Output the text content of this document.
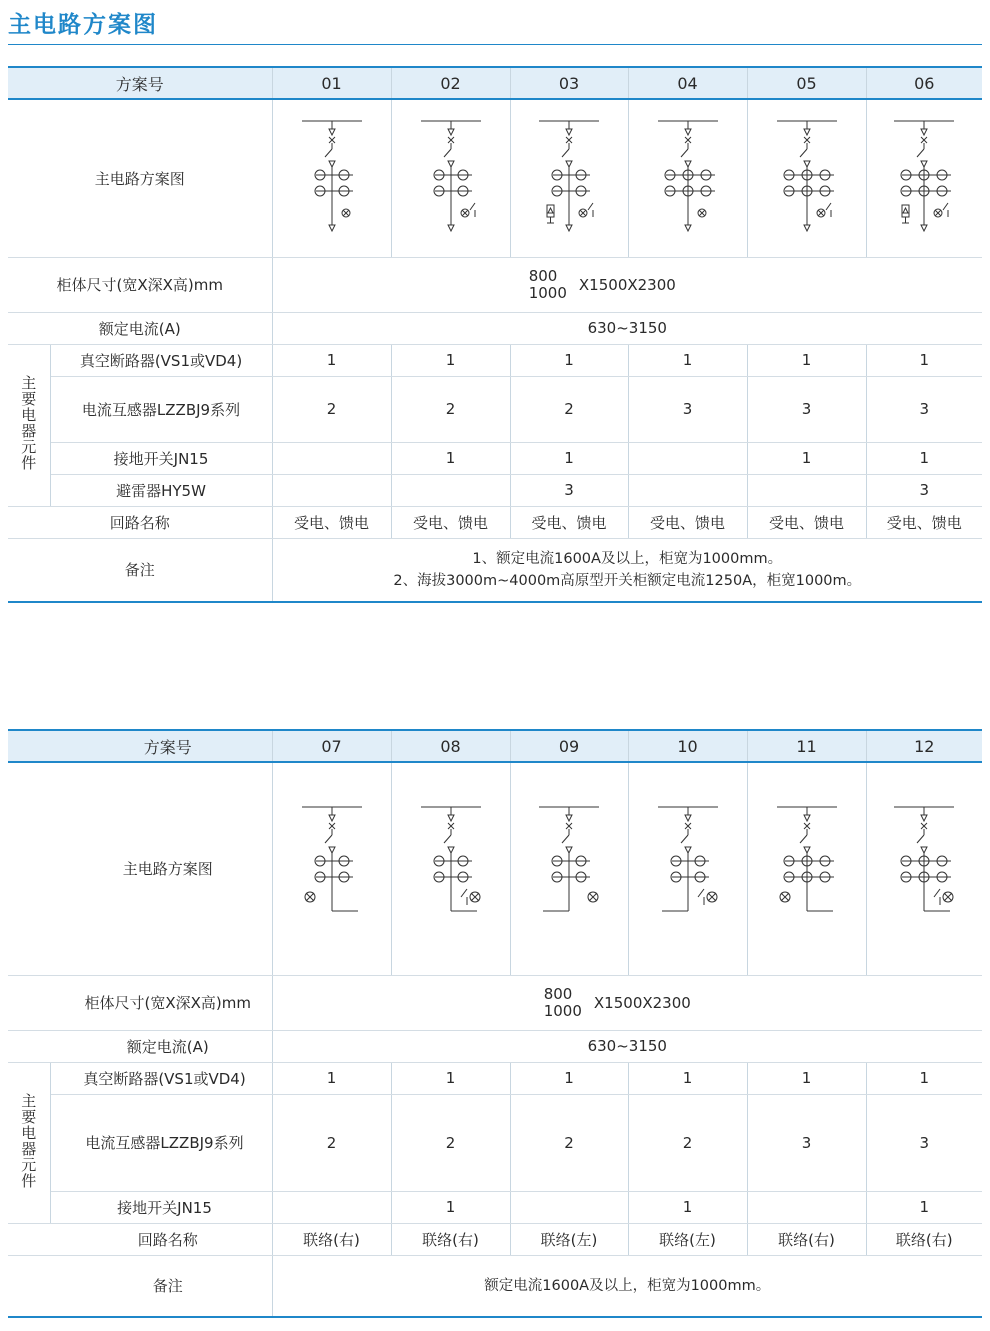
主电路方案图
方案号		01	02	03	04	05	06
主电路方案图	

柜体尺寸(宽X深X高)mm		800
1000 X1500X2300					

额定电流(A)		630~3150					
主要电器元件	真空断路器(VS1或VD4)	1	1	1	1	1	1
	电流互感器LZZBJ9系列	2	2	2	3	3	3
	接地开关JN15		1	1		1	1
	避雷器HY5W			3			3
回路名称		受电、馈电	受电、馈电	受电、馈电	受电、馈电	受电、馈电	受电、馈电
备注		1、额定电流1600A及以上，柜宽为1000mm。
2、海拔3000m~4000m高原型开关柜额定电流1250A，柜宽1000m。					
方案号		07	08	09	10	11	12
主电路方案图	

柜体尺寸(宽X深X高)mm		800
1000 X1500X2300					

额定电流(A)		630~3150					
主要电器元件	真空断路器(VS1或VD4)	1	1	1	1	1	1
	电流互感器LZZBJ9系列	2	2	2	2	3	3
	接地开关JN15		1		1		1
回路名称		联络(右)	联络(右)	联络(左)	联络(左)	联络(右)	联络(右)
备注		额定电流1600A及以上，柜宽为1000mm。					
